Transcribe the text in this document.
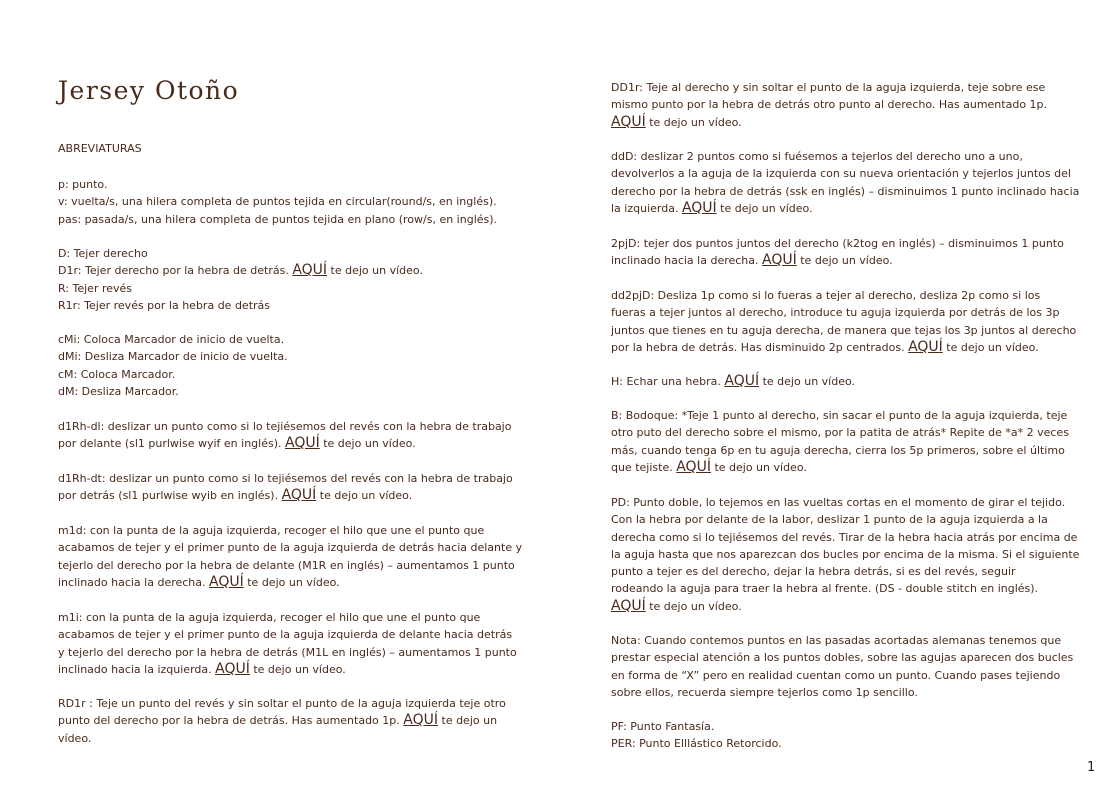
Jersey Otoño
ABREVIATURAS
p: punto.
v: vuelta/s, una hilera completa de puntos tejida en circular(round/s, en inglés).
pas: pasada/s, una hilera completa de puntos tejida en plano (row/s, en inglés).
D: Tejer derecho
D1r: Tejer derecho por la hebra de detrás. AQUÍ te dejo un vídeo.
R: Tejer revés
R1r: Tejer revés por la hebra de detrás
cMi: Coloca Marcador de inicio de vuelta.
dMi: Desliza Marcador de inicio de vuelta.
cM: Coloca Marcador.
dM: Desliza Marcador.
d1Rh-dl: deslizar un punto como si lo tejiésemos del revés con la hebra de trabajo
por delante (sl1 purlwise wyif en inglés). AQUÍ te dejo un vídeo.
d1Rh-dt: deslizar un punto como si lo tejiésemos del revés con la hebra de trabajo
por detrás (sl1 purlwise wyib en inglés). AQUÍ te dejo un vídeo.
m1d: con la punta de la aguja izquierda, recoger el hilo que une el punto que
acabamos de tejer y el primer punto de la aguja izquierda de detrás hacia delante y
tejerlo del derecho por la hebra de delante (M1R en inglés) – aumentamos 1 punto
inclinado hacia la derecha. AQUÍ te dejo un vídeo.
m1i: con la punta de la aguja izquierda, recoger el hilo que une el punto que
acabamos de tejer y el primer punto de la aguja izquierda de delante hacia detrás
y tejerlo del derecho por la hebra de detrás (M1L en inglés) – aumentamos 1 punto
inclinado hacia la izquierda. AQUÍ te dejo un vídeo.
RD1r : Teje un punto del revés y sin soltar el punto de la aguja izquierda teje otro
punto del derecho por la hebra de detrás. Has aumentado 1p. AQUÍ te dejo un
vídeo.
DD1r: Teje al derecho y sin soltar el punto de la aguja izquierda, teje sobre ese
mismo punto por la hebra de detrás otro punto al derecho. Has aumentado 1p.
AQUÍ te dejo un vídeo.
ddD: deslizar 2 puntos como si fuésemos a tejerlos del derecho uno a uno,
devolverlos a la aguja de la izquierda con su nueva orientación y tejerlos juntos del
derecho por la hebra de detrás (ssk en inglés) – disminuimos 1 punto inclinado hacia
la izquierda. AQUÍ te dejo un vídeo.
2pjD: tejer dos puntos juntos del derecho (k2tog en inglés) – disminuimos 1 punto
inclinado hacia la derecha. AQUÍ te dejo un vídeo.
dd2pjD: Desliza 1p como si lo fueras a tejer al derecho, desliza 2p como si los
fueras a tejer juntos al derecho, introduce tu aguja izquierda por detrás de los 3p
juntos que tienes en tu aguja derecha, de manera que tejas los 3p juntos al derecho
por la hebra de detrás. Has disminuido 2p centrados. AQUÍ te dejo un vídeo.
H: Echar una hebra. AQUÍ te dejo un vídeo.
B: Bodoque: *Teje 1 punto al derecho, sin sacar el punto de la aguja izquierda, teje
otro puto del derecho sobre el mismo, por la patita de atrás* Repite de *a* 2 veces
más, cuando tenga 6p en tu aguja derecha, cierra los 5p primeros, sobre el último
que tejiste. AQUÍ te dejo un vídeo.
PD: Punto doble, lo tejemos en las vueltas cortas en el momento de girar el tejido.
Con la hebra por delante de la labor, deslizar 1 punto de la aguja izquierda a la
derecha como si lo tejiésemos del revés. Tirar de la hebra hacia atrás por encima de
la aguja hasta que nos aparezcan dos bucles por encima de la misma. Si el siguiente
punto a tejer es del derecho, dejar la hebra detrás, si es del revés, seguir
rodeando la aguja para traer la hebra al frente. (DS - double stitch en inglés).
AQUÍ te dejo un vídeo.
Nota: Cuando contemos puntos en las pasadas acortadas alemanas tenemos que
prestar especial atención a los puntos dobles, sobre las agujas aparecen dos bucles
en forma de “X” pero en realidad cuentan como un punto. Cuando pases tejiendo
sobre ellos, recuerda siempre tejerlos como 1p sencillo.
PF: Punto Fantasía.
PER: Punto Elllástico Retorcido.
1
